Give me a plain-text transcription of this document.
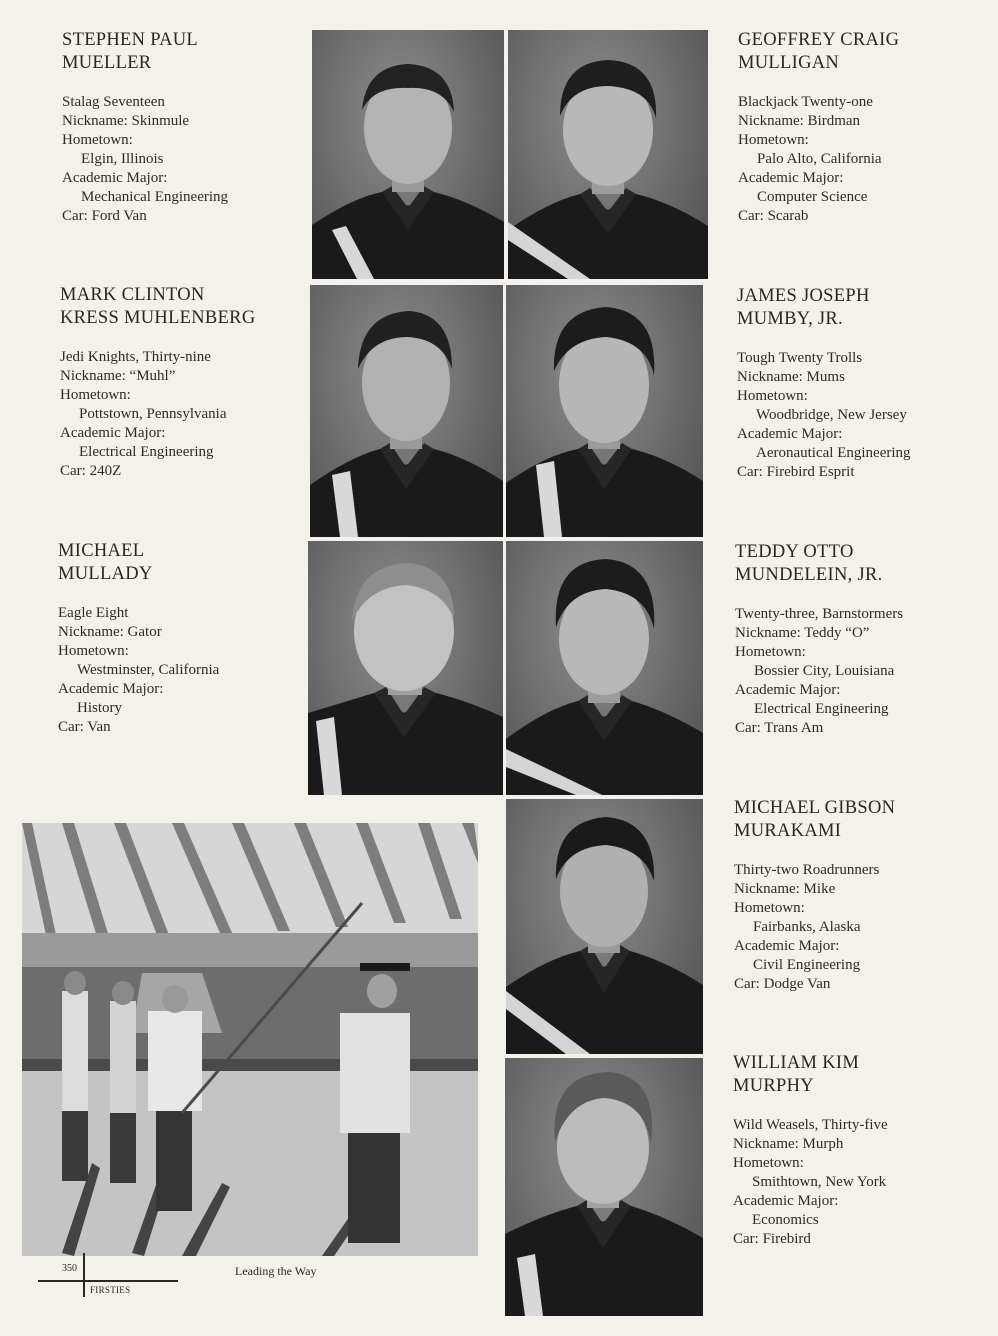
STEPHEN PAUL
MUELLER
Stalag Seventeen
Nickname: Skinmule
Hometown:
Elgin, Illinois
Academic Major:
Mechanical Engineering
Car: Ford Van
GEOFFREY CRAIG
MULLIGAN
Blackjack Twenty-one
Nickname: Birdman
Hometown:
Palo Alto, California
Academic Major:
Computer Science
Car: Scarab
MARK CLINTON
KRESS MUHLENBERG
Jedi Knights, Thirty-nine
Nickname: “Muhl”
Hometown:
Pottstown, Pennsylvania
Academic Major:
Electrical Engineering
Car: 240Z
JAMES JOSEPH
MUMBY, JR.
Tough Twenty Trolls
Nickname: Mums
Hometown:
Woodbridge, New Jersey
Academic Major:
Aeronautical Engineering
Car: Firebird Esprit
MICHAEL
MULLADY
Eagle Eight
Nickname: Gator
Hometown:
Westminster, California
Academic Major:
History
Car: Van
TEDDY OTTO
MUNDELEIN, JR.
Twenty-three, Barnstormers
Nickname: Teddy “O”
Hometown:
Bossier City, Louisiana
Academic Major:
Electrical Engineering
Car: Trans Am
MICHAEL GIBSON
MURAKAMI
Thirty-two Roadrunners
Nickname: Mike
Hometown:
Fairbanks, Alaska
Academic Major:
Civil Engineering
Car: Dodge Van
WILLIAM KIM
MURPHY
Wild Weasels, Thirty-five
Nickname: Murph
Hometown:
Smithtown, New York
Academic Major:
Economics
Car: Firebird
Leading the Way
350
FIRSTIES
